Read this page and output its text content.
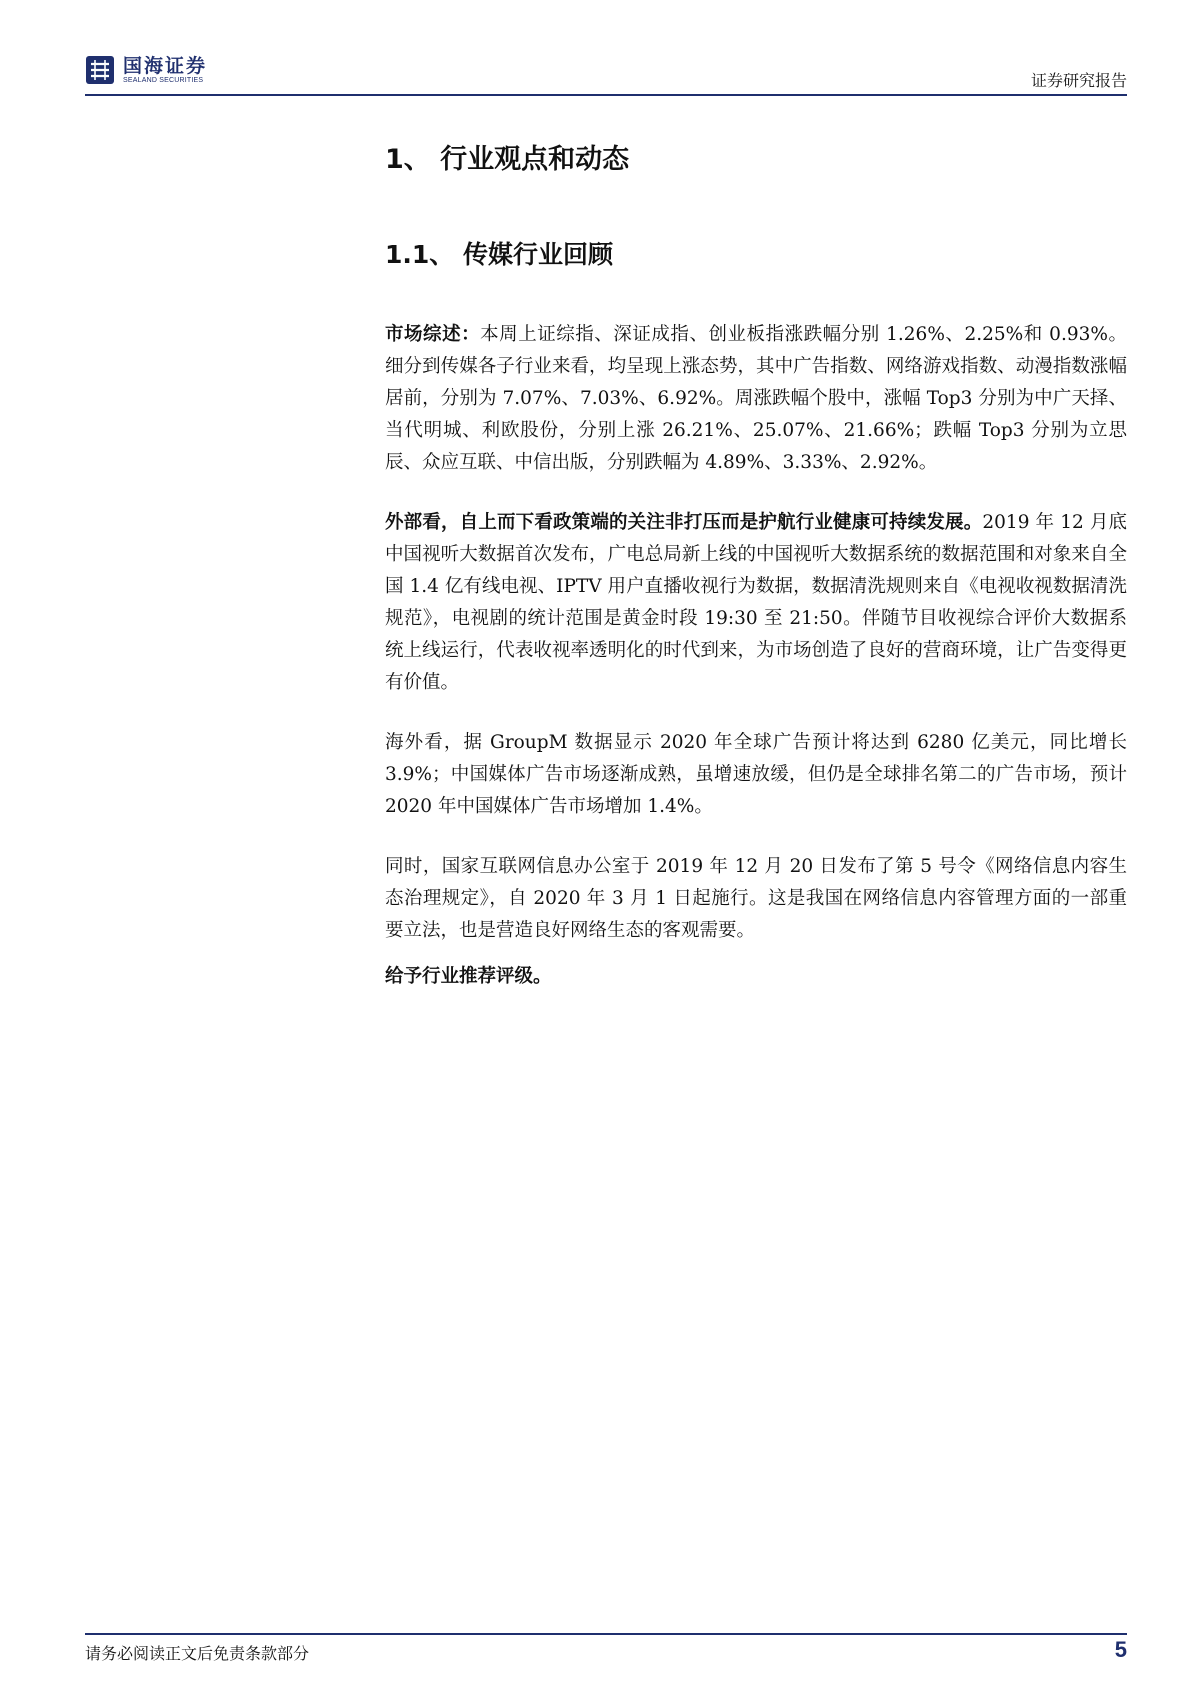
国海证券
SEALAND SECURITIES	证券研究报告
1、 行业观点和动态
1.1、 传媒行业回顾

市场综述：本周上证综指、深证成指、创业板指涨跌幅分别 1.26%、2.25%和 0.93%。细分到传媒各子行业来看，均呈现上涨态势，其中广告指数、网络游戏指数、动漫指数涨幅居前，分别为 7.07%、7.03%、6.92%。周涨跌幅个股中，涨幅 Top3 分别为中广天择、当代明城、利欧股份，分别上涨 26.21%、25.07%、21.66%；跌幅 Top3 分别为立思辰、众应互联、中信出版，分别跌幅为 4.89%、3.33%、2.92%。

外部看，自上而下看政策端的关注非打压而是护航行业健康可持续发展。2019 年 12 月底中国视听大数据首次发布，广电总局新上线的中国视听大数据系统的数据范围和对象来自全国 1.4 亿有线电视、IPTV 用户直播收视行为数据，数据清洗规则来自《电视收视数据清洗规范》，电视剧的统计范围是黄金时段 19:30 至 21:50。伴随节目收视综合评价大数据系统上线运行，代表收视率透明化的时代到来，为市场创造了良好的营商环境，让广告变得更有价值。

海外看，据 GroupM 数据显示 2020 年全球广告预计将达到 6280 亿美元，同比增长 3.9%；中国媒体广告市场逐渐成熟，虽增速放缓，但仍是全球排名第二的广告市场，预计 2020 年中国媒体广告市场增加 1.4%。

同时，国家互联网信息办公室于 2019 年 12 月 20 日发布了第 5 号令《网络信息内容生态治理规定》，自 2020 年 3 月 1 日起施行。这是我国在网络信息内容管理方面的一部重要立法，也是营造良好网络生态的客观需要。

给予行业推荐评级。

请务必阅读正文后免责条款部分	5
